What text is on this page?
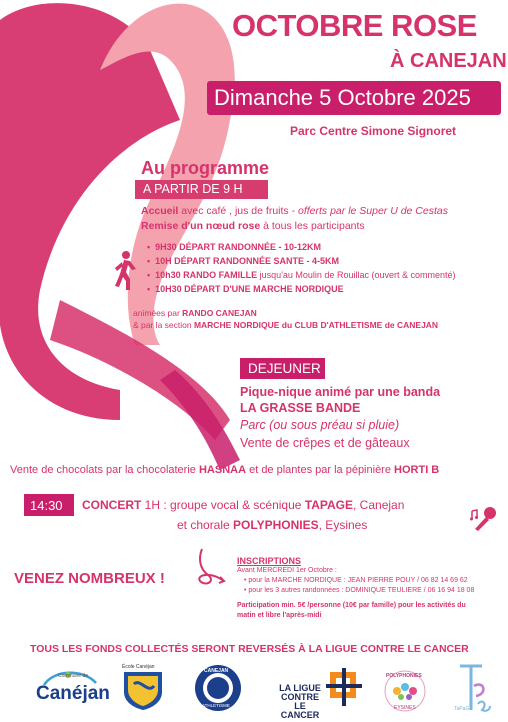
OCTOBRE ROSE
À CANEJAN
Dimanche 5 Octobre 2025
Parc Centre Simone Signoret
Au programme
A PARTIR DE 9 H
Accueil avec café , jus de fruits - offerts par le Super U de Cestas
Remise d'un nœud rose à tous les participants
• 9H30 DÉPART RANDONNÉE - 10-12KM
• 10H DÉPART RANDONNÉE SANTE - 4-5KM
• 10h30 RANDO FAMILLE jusqu'au Moulin de Rouillac (ouvert & commenté)
• 10H30 DÉPART D'UNE MARCHE NORDIQUE
animées par RANDO CANEJAN
& par la section MARCHE NORDIQUE du CLUB D'ATHLETISME de CANEJAN
DEJEUNER
Pique-nique animé par une banda
LA GRASSE BANDE
Parc (ou sous préau si pluie)
Vente de crêpes et de gâteaux
Vente de chocolats par la chocolaterie HASNAA et de plantes par la pépinière HORTI B
14:30 CONCERT 1H : groupe vocal & scénique TAPAGE, Canejan
et chorale POLYPHONIES, Eysines
VENEZ NOMBREUX !
INSCRIPTIONS
Avant MERCREDI 1er Octobre :
• pour la MARCHE NORDIQUE : JEAN PIERRE POUY / 06 82 14 69 62
• pour les 3 autres randonnées : DOMINIQUE TEULIERE / 06 16 94 18 08
Participation min. 5€ /personne (10€ par famille) pour les activités du
matin et libre l'après-midi
TOUS LES FONDS COLLECTÉS SERONT REVERSÉS À LA LIGUE CONTRE LE CANCER
Commune de
Canéjan
École Canéjan
CANEJAN
ATHLETISME
LA LIGUE
CONTRE
LE CANCER
POLYPHONIES
EYSINES	TaPaGe
